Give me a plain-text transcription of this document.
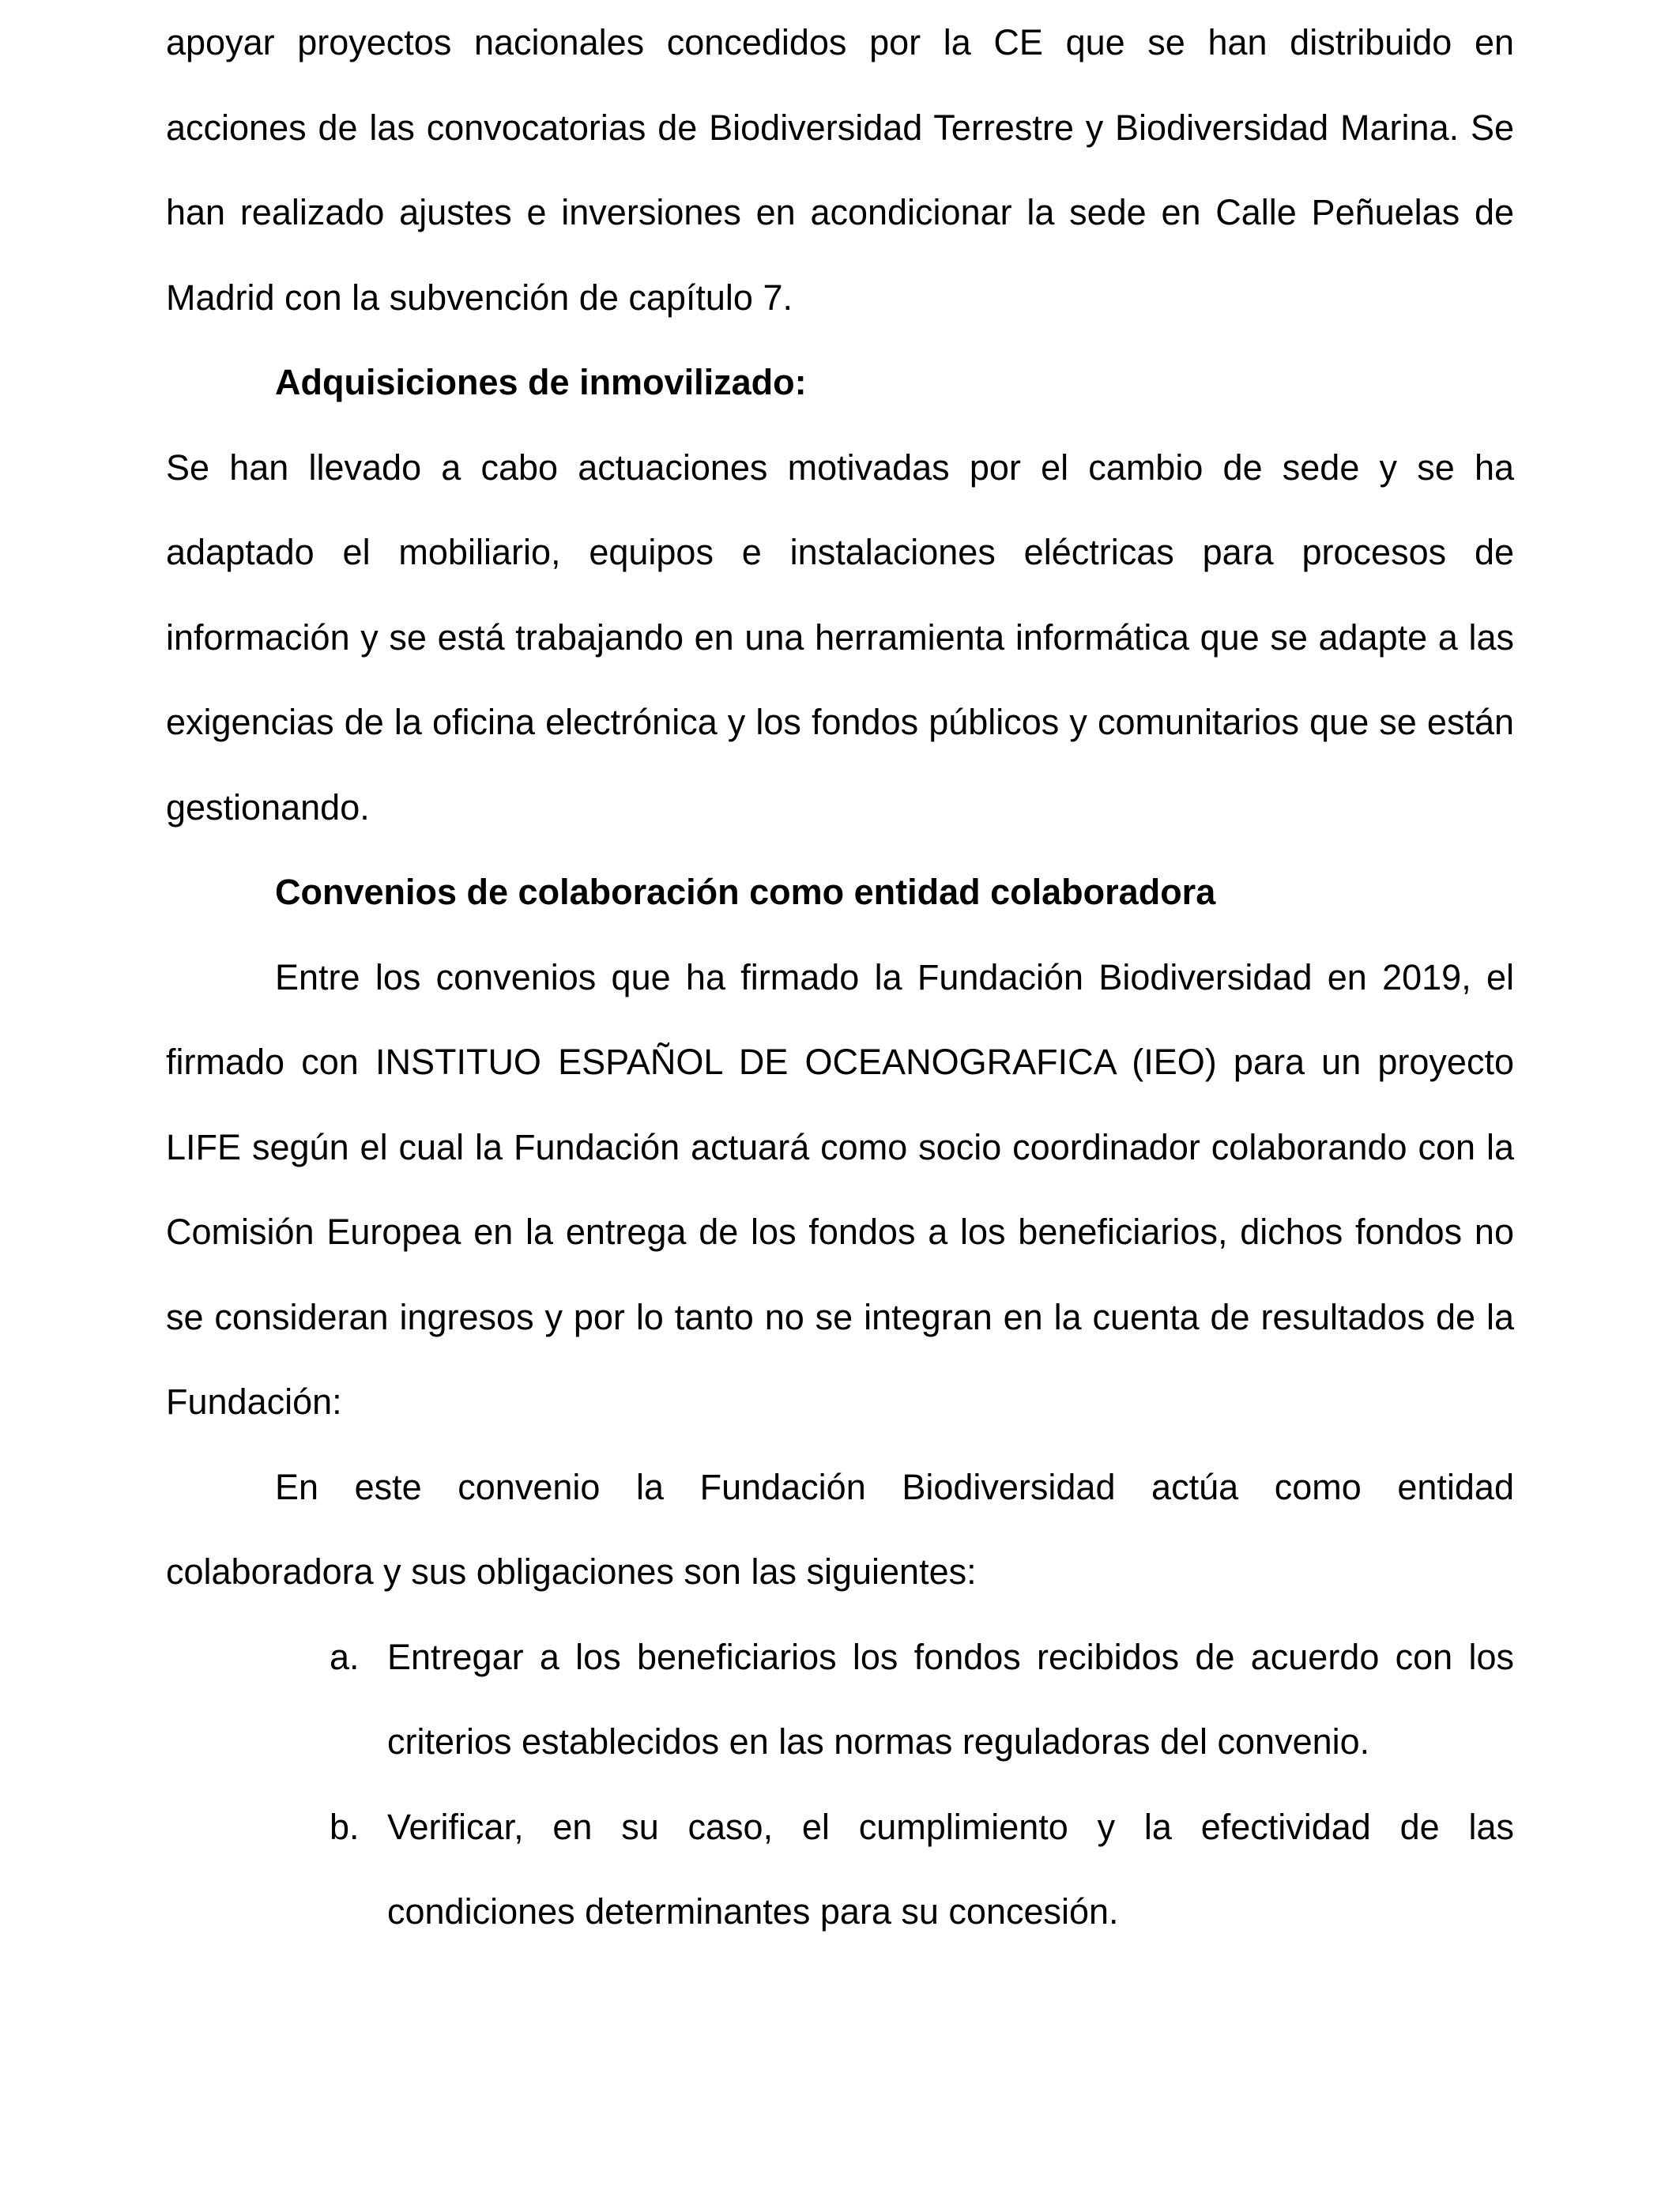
apoyar proyectos nacionales concedidos por la CE que se han distribuido en acciones de las convocatorias de Biodiversidad Terrestre y Biodiversidad Marina. Se han realizado ajustes e inversiones en acondicionar la sede en Calle Peñuelas de Madrid con la subvención de capítulo 7.

Adquisiciones de inmovilizado:

Se han llevado a cabo actuaciones motivadas por el cambio de sede y se ha adaptado el mobiliario, equipos e instalaciones eléctricas para procesos de información y se está trabajando en una herramienta informática que se adapte a las exigencias de la oficina electrónica y los fondos públicos y comunitarios que se están gestionando.

Convenios de colaboración como entidad colaboradora

Entre los convenios que ha firmado la Fundación Biodiversidad en 2019, el firmado con INSTITUO ESPAÑOL DE OCEANOGRAFICA (IEO) para un proyecto LIFE según el cual la Fundación actuará como socio coordinador colaborando con la Comisión Europea en la entrega de los fondos a los beneficiarios, dichos fondos no se consideran ingresos y por lo tanto no se integran en la cuenta de resultados de la Fundación:

En este convenio la Fundación Biodiversidad actúa como entidad colaboradora y sus obligaciones son las siguientes:

a. Entregar a los beneficiarios los fondos recibidos de acuerdo con los criterios establecidos en las normas reguladoras del convenio.
b. Verificar, en su caso, el cumplimiento y la efectividad de las condiciones determinantes para su concesión.
